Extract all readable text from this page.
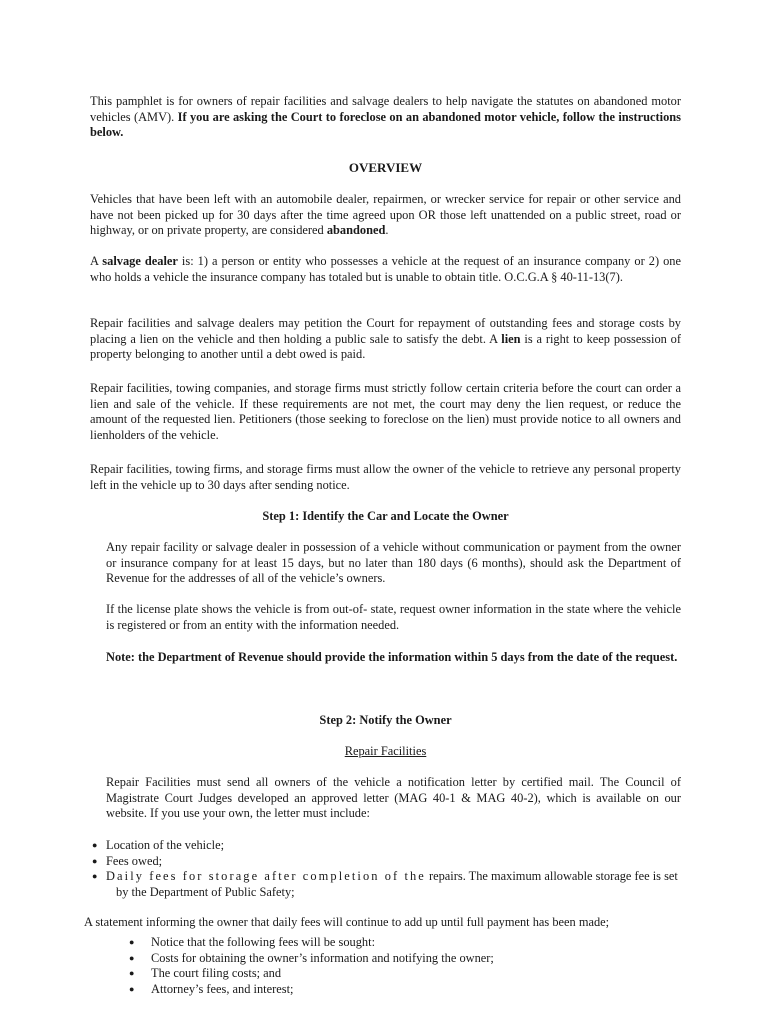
This pamphlet is for owners of repair facilities and salvage dealers to help navigate the statutes on abandoned motor vehicles (AMV). If you are asking the Court to foreclose on an abandoned motor vehicle, follow the instructions below.

OVERVIEW

Vehicles that have been left with an automobile dealer, repairmen, or wrecker service for repair or other service and have not been picked up for 30 days after the time agreed upon OR those left unattended on a public street, road or highway, or on private property, are considered abandoned.

A salvage dealer is: 1) a person or entity who possesses a vehicle at the request of an insurance company or 2) one who holds a vehicle the insurance company has totaled but is unable to obtain title. O.C.G.A § 40-11-13(7).

Repair facilities and salvage dealers may petition the Court for repayment of outstanding fees and storage costs by placing a lien on the vehicle and then holding a public sale to satisfy the debt. A lien is a right to keep possession of property belonging to another until a debt owed is paid.

Repair facilities, towing companies, and storage firms must strictly follow certain criteria before the court can order a lien and sale of the vehicle. If these requirements are not met, the court may deny the lien request, or reduce the amount of the requested lien. Petitioners (those seeking to foreclose on the lien) must provide notice to all owners and lienholders of the vehicle.

Repair facilities, towing firms, and storage firms must allow the owner of the vehicle to retrieve any personal property left in the vehicle up to 30 days after sending notice.

Step 1: Identify the Car and Locate the Owner

Any repair facility or salvage dealer in possession of a vehicle without communication or payment from the owner or insurance company for at least 15 days, but no later than 180 days (6 months), should ask the Department of Revenue for the addresses of all of the vehicle’s owners.

If the license plate shows the vehicle is from out-of- state, request owner information in the state where the vehicle is registered or from an entity with the information needed.

Note: the Department of Revenue should provide the information within 5 days from the date of the request.

Step 2: Notify the Owner
Repair Facilities

Repair Facilities must send all owners of the vehicle a notification letter by certified mail. The Council of Magistrate Court Judges developed an approved letter (MAG 40-1 & MAG 40-2), which is available on our website. If you use your own, the letter must include:

● Location of the vehicle;
● Fees owed;
● Daily fees for storage after completion of the repairs. The maximum allowable storage fee is set by the Department of Public Safety;

A statement informing the owner that daily fees will continue to add up until full payment has been made;

● Notice that the following fees will be sought:
● Costs for obtaining the owner’s information and notifying the owner;
● The court filing costs; and
● Attorney’s fees, and interest;
